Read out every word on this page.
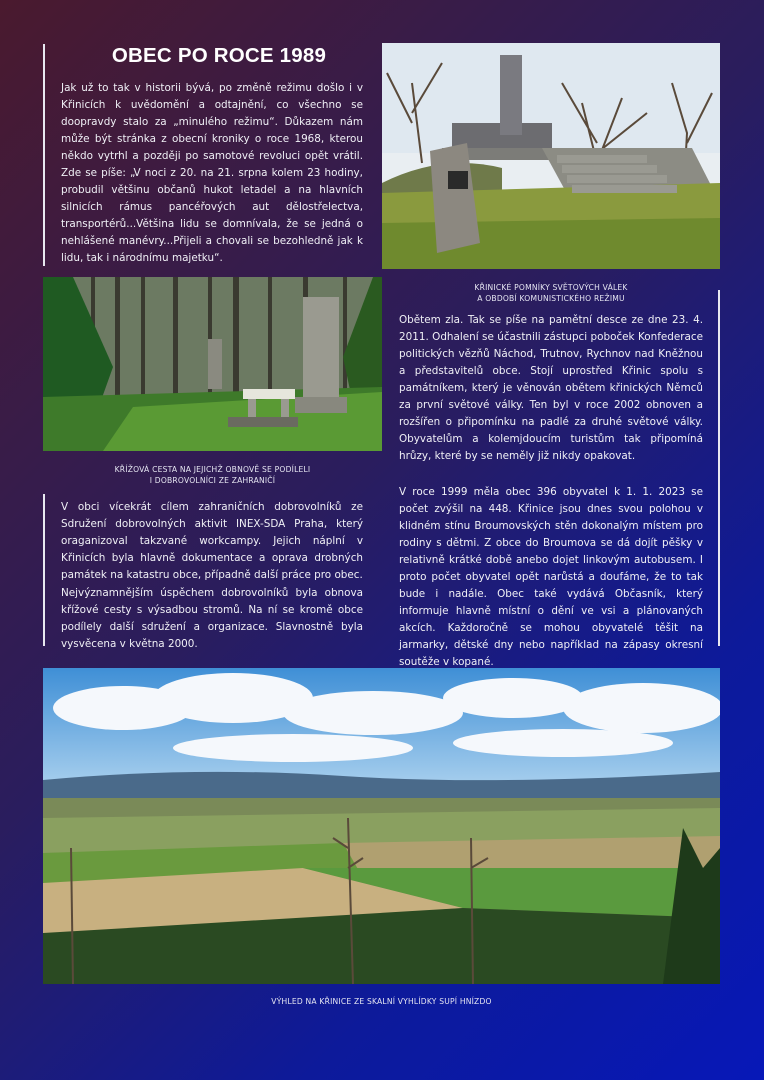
OBEC PO ROCE 1989
Jak už to tak v historii bývá, po změně režimu došlo i v Křinicích k uvědomění a odtajnění, co všechno se doopravdy stalo za „minulého režimu“. Důkazem nám může být stránka z obecní kroniky o roce 1968, kterou někdo vytrhl a později po samotové revoluci opět vrátil. Zde se píše: „V noci z 20. na 21. srpna kolem 23 hodiny, probudil většinu občanů hukot letadel a na hlavních silnicích rámus pancéřových aut dělostřelectva, transportérů...Většina lidu se domnívala, že se jedná o nehlášené manévry...Přijeli a chovali se bezohledně jak k lidu, tak i národnímu majetku“.
KŘINICKÉ POMNÍKY SVĚTOVÝCH VÁLEK
A OBDOBÍ KOMUNISTICKÉHO REŽIMU
Obětem zla. Tak se píše na pamětní desce ze dne 23. 4. 2011. Odhalení se účastnili zástupci poboček Konfederace politických vězňů Náchod, Trutnov, Rychnov nad Kněžnou a představitelů obce. Stojí uprostřed Křinic spolu s památníkem, který je věnován obětem křinických Němců za první světové války. Ten byl v roce 2002 obnoven a rozšířen o připomínku na padlé za druhé světové války. Obyvatelům a kolemjdoucím turistům tak připomíná hrůzy, které by se neměly již nikdy opakovat.
KŘÍŽOVÁ CESTA NA JEJICHŽ OBNOVĚ SE PODÍLELI
I DOBROVOLNÍCI ZE ZAHRANIČÍ
V obci vícekrát cílem zahraničních dobrovolníků ze Sdružení dobrovolných aktivit INEX-SDA Praha, který oraganizoval takzvané workcampy. Jejich náplní v Křinicích byla hlavně dokumentace a oprava drobných památek na katastru obce, případně další práce pro obec.
Nejvýznamnějším úspěchem dobrovolníků byla obnova křížové cesty s výsadbou stromů. Na ní se kromě obce podílely další sdružení a organizace. Slavnostně byla vysvěcena v května 2000.
V roce 1999 měla obec 396 obyvatel k 1. 1. 2023 se počet zvýšil na 448. Křinice jsou dnes svou polohou v klidném stínu Broumovských stěn dokonalým místem pro rodiny s dětmi. Z obce do Broumova se dá dojít pěšky v relativně krátké době anebo dojet linkovým autobusem. I proto počet obyvatel opět narůstá a doufáme, že to tak bude i nadále. Obec také vydává Občasník, který informuje hlavně místní o dění ve vsi a plánovaných akcích. Každoročně se mohou obyvatelé těšit na jarmarky, dětské dny nebo například na zápasy okresní soutěže v kopané.
VÝHLED NA KŘINICE ZE SKALNÍ VYHLÍDKY SUPÍ HNÍZDO
